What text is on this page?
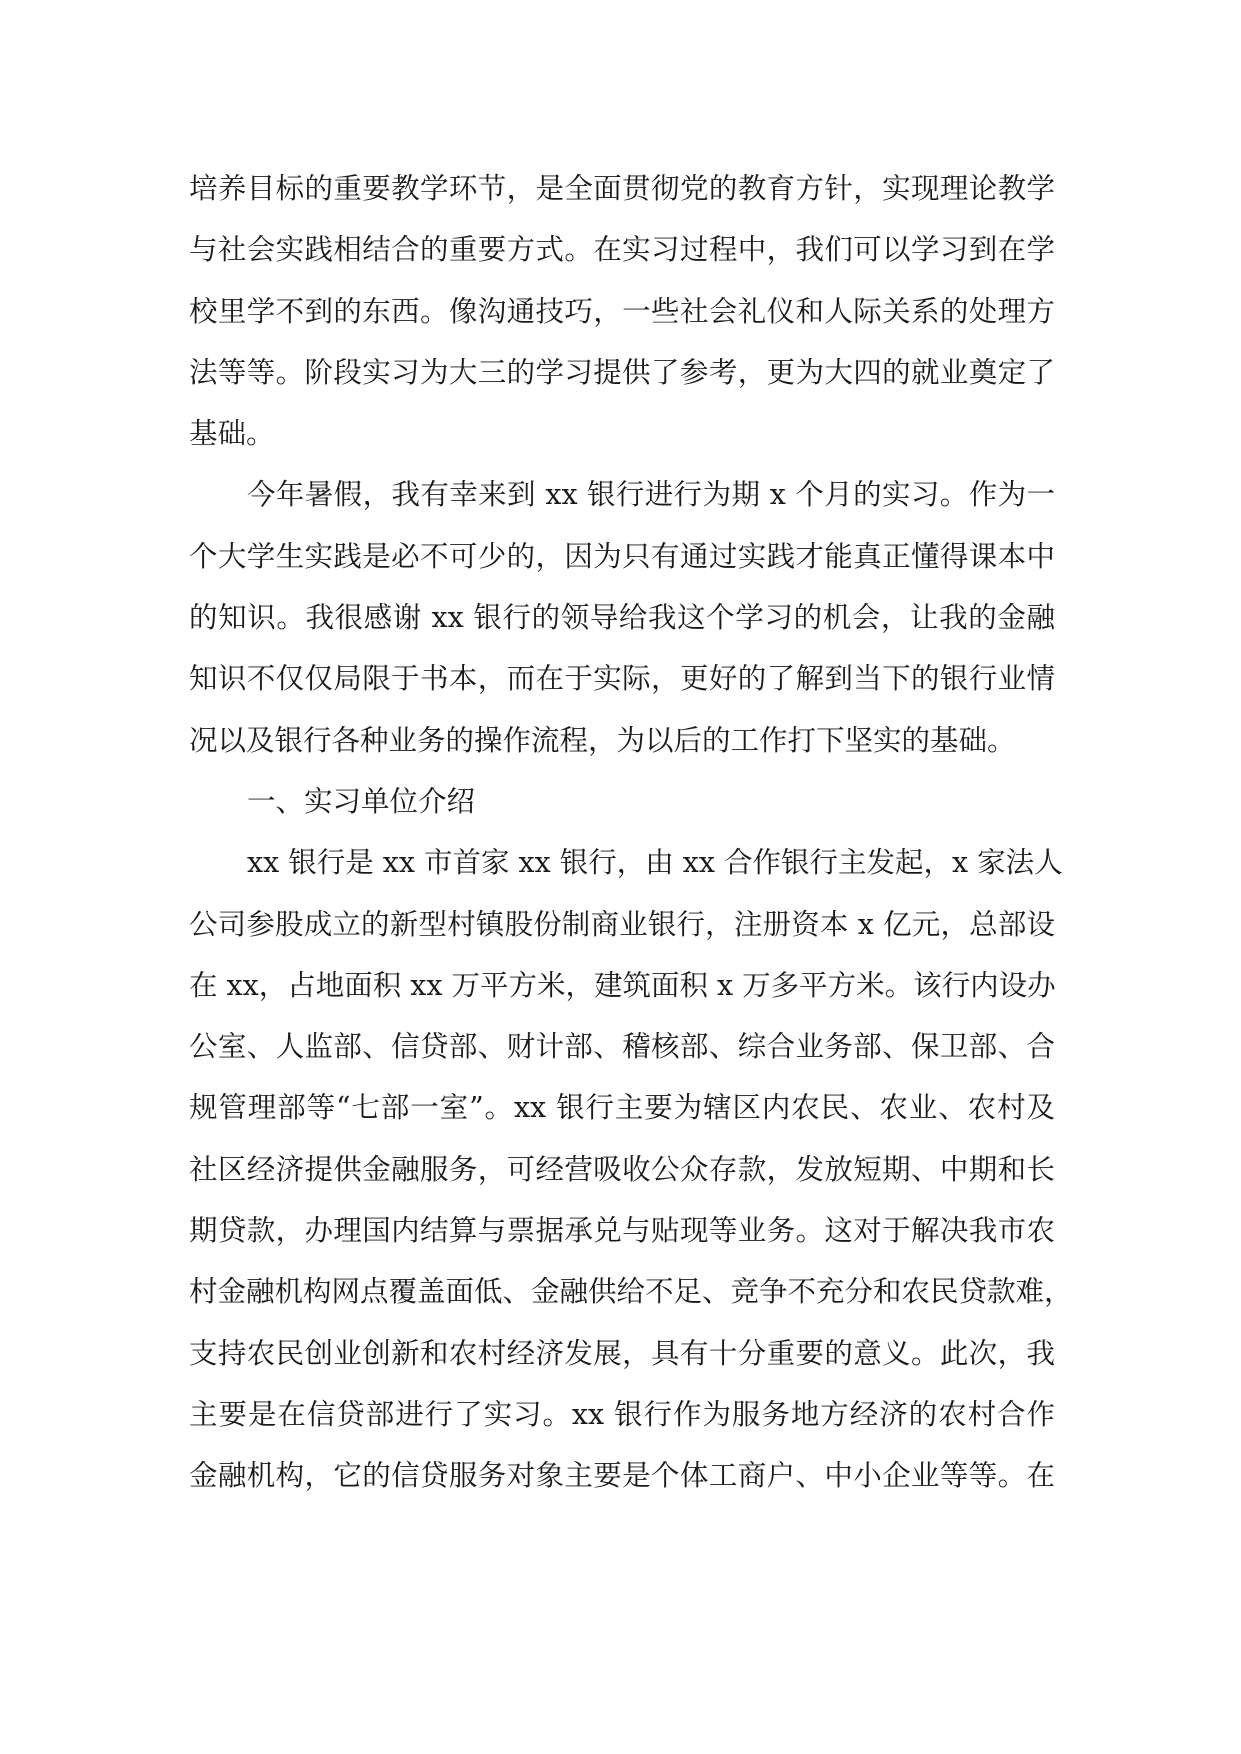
培养目标的重要教学环节，是全面贯彻党的教育方针，实现理论教学
与社会实践相结合的重要方式。在实习过程中，我们可以学习到在学
校里学不到的东西。像沟通技巧，一些社会礼仪和人际关系的处理方
法等等。阶段实习为大三的学习提供了参考，更为大四的就业奠定了
基础。
今年暑假，我有幸来到 xx 银行进行为期 x 个月的实习。作为一
个大学生实践是必不可少的，因为只有通过实践才能真正懂得课本中
的知识。我很感谢 xx 银行的领导给我这个学习的机会，让我的金融
知识不仅仅局限于书本，而在于实际，更好的了解到当下的银行业情
况以及银行各种业务的操作流程，为以后的工作打下坚实的基础。
一、实习单位介绍
xx 银行是 xx 市首家 xx 银行，由 xx 合作银行主发起，x 家法人
公司参股成立的新型村镇股份制商业银行，注册资本 x 亿元，总部设
在 xx，占地面积 xx 万平方米，建筑面积 x 万多平方米。该行内设办
公室、人监部、信贷部、财计部、稽核部、综合业务部、保卫部、合
规管理部等“七部一室”。xx 银行主要为辖区内农民、农业、农村及
社区经济提供金融服务，可经营吸收公众存款，发放短期、中期和长
期贷款，办理国内结算与票据承兑与贴现等业务。这对于解决我市农
村金融机构网点覆盖面低、金融供给不足、竞争不充分和农民贷款难，
支持农民创业创新和农村经济发展，具有十分重要的意义。此次，我
主要是在信贷部进行了实习。xx 银行作为服务地方经济的农村合作
金融机构，它的信贷服务对象主要是个体工商户、中小企业等等。在
